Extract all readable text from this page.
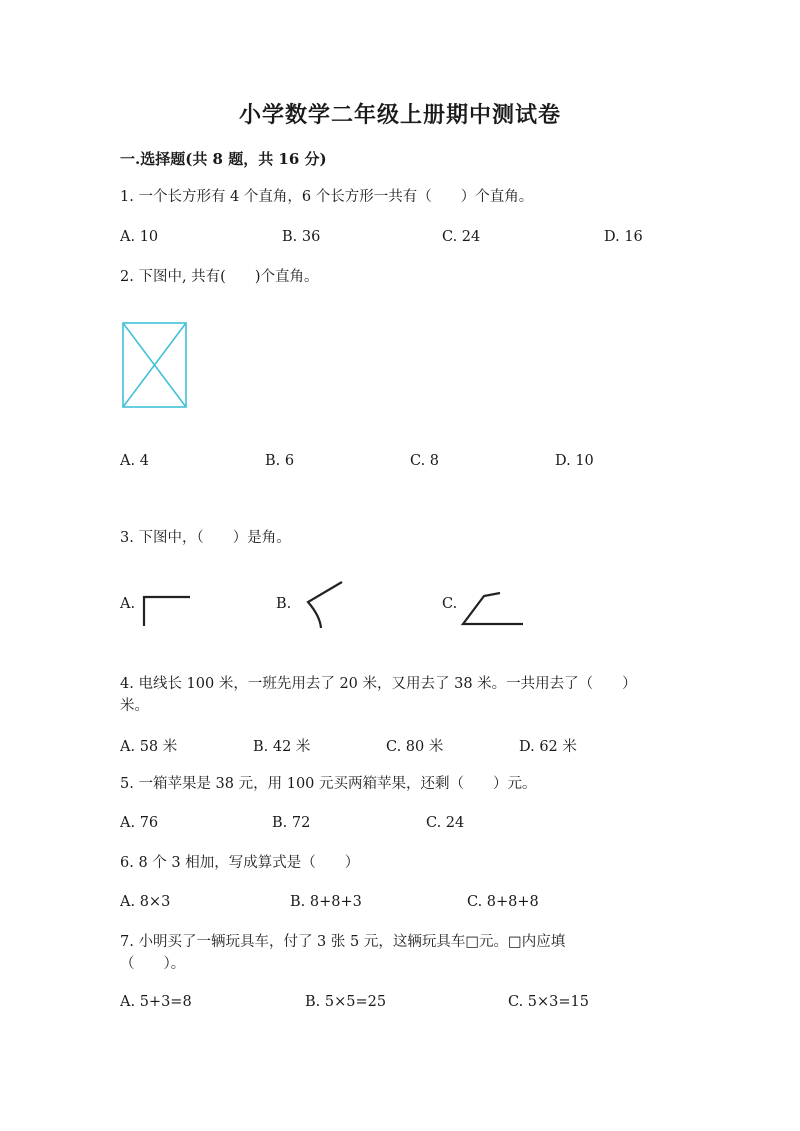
小学数学二年级上册期中测试卷
一.选择题(共 8 题，共 16 分)
1. 一个长方形有 4 个直角，6 个长方形一共有（　　）个直角。
A. 10	B. 36	C. 24	D. 16
2. 下图中, 共有(　　)个直角。
A. 4	B. 6	C. 8	D. 10
3. 下图中，（　　）是角。
A.	B.	C.
4. 电线长 100 米，一班先用去了 20 米，又用去了 38 米。一共用去了（　　）
米。
A. 58 米	B. 42 米	C. 80 米	D. 62 米
5. 一箱苹果是 38 元，用 100 元买两箱苹果，还剩（　　）元。
A. 76	B. 72	C. 24
6. 8 个 3 相加，写成算式是（　　）
A. 8×3	B. 8+8+3	C. 8+8+8
7. 小明买了一辆玩具车，付了 3 张 5 元，这辆玩具车□元。□内应填
（　　）。
A. 5+3=8	B. 5×5=25	C. 5×3=15
